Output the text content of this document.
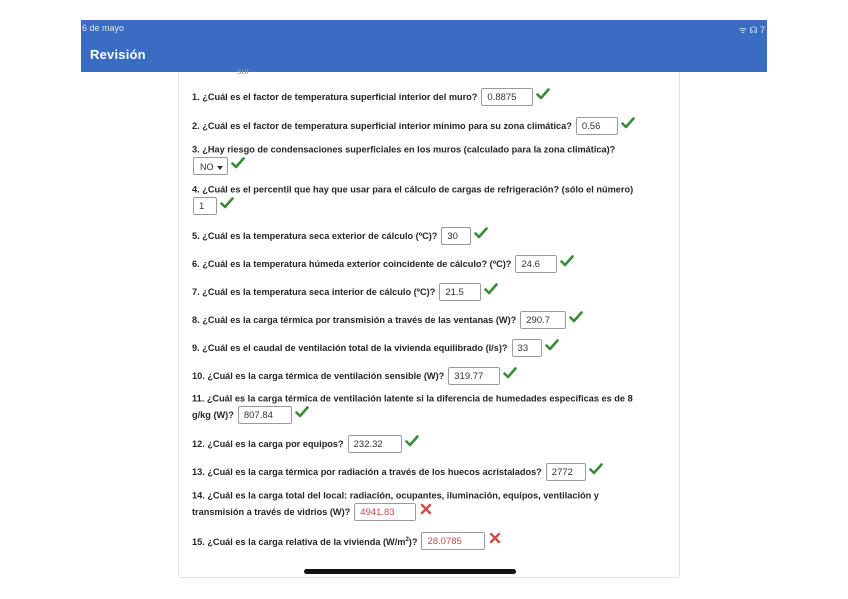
6 de mayo	ᯤ ☊ 7
Revisión
sur
1. ¿Cuál es el factor de temperatura superficial interior del muro? 0.8875
2. ¿Cuál es el factor de temperatura superficial interior mínimo para su zona climática? 0.56
3. ¿Hay riesgo de condensaciones superficiales en los muros (calculado para la zona climática)?
NO
4. ¿Cuál es el percentil que hay que usar para el cálculo de cargas de refrigeración? (sólo el número)
1
5. ¿Cuál es la temperatura seca exterior de cálculo (ºC)? 30
6. ¿Cuál es la temperatura húmeda exterior coincidente de cálculo? (ºC)? 24.6
7. ¿Cuál es la temperatura seca interior de cálculo (ºC)? 21.5
8. ¿Cuál es la carga térmica por transmisión a través de las ventanas (W)? 290.7
9. ¿Cuál es el caudal de ventilación total de la vivienda equilibrado (l/s)? 33
10. ¿Cuál es la carga térmica de ventilación sensible (W)? 319.77
11. ¿Cuál es la carga térmica de ventilación latente si la diferencia de humedades específicas es de 8
g/kg (W)? 807.84
12. ¿Cuál es la carga por equipos? 232.32
13. ¿Cuál es la carga térmica por radiación a través de los huecos acristalados? 2772
14. ¿Cuál es la carga total del local: radiación, ocupantes, iluminación, equipos, ventilación y
transmisión a través de vidrios (W)? 4941.83
15. ¿Cuál es la carga relativa de la vivienda $(W/m^2)$? 28.0785
